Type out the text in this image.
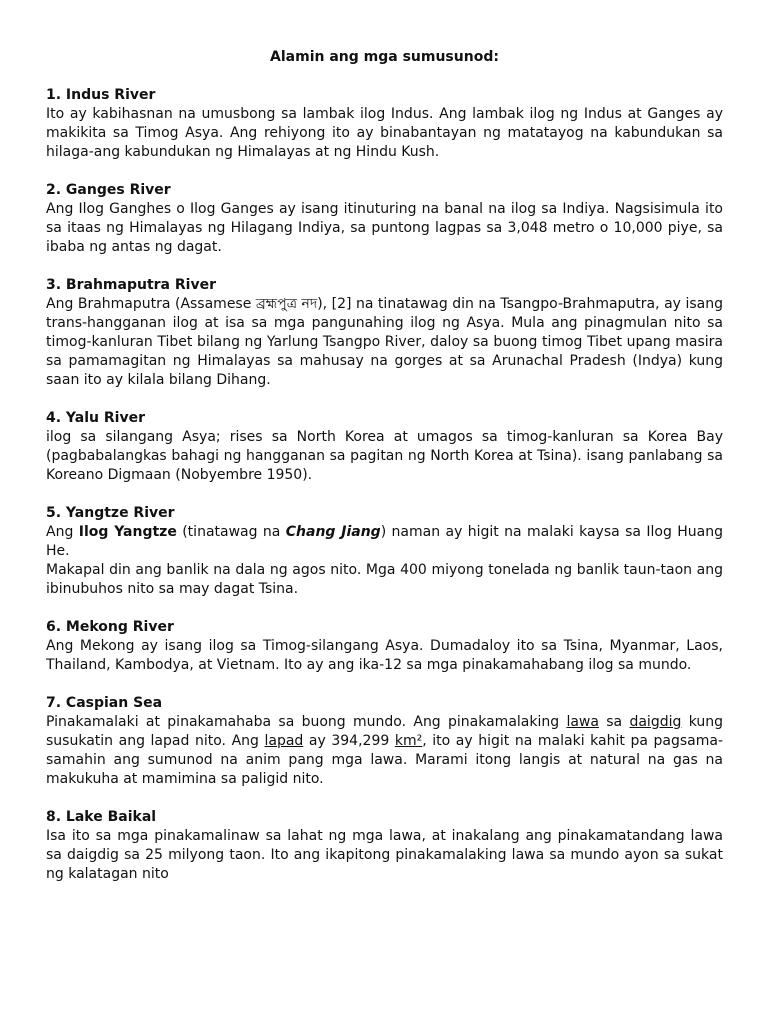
Alamin ang mga sumusunod:
1. Indus River

Ito ay kabihasnan na umusbong sa lambak ilog Indus. Ang lambak ilog ng Indus at Ganges ay makikita sa Timog Asya. Ang rehiyong ito ay binabantayan ng matatayog na kabundukan sa hilaga-ang kabundukan ng Himalayas at ng Hindu Kush.

2. Ganges River

Ang Ilog Ganghes o Ilog Ganges ay isang itinuturing na banal na ilog sa Indiya. Nagsisimula ito sa itaas ng Himalayas ng Hilagang Indiya, sa puntong lagpas sa 3,048 metro o 10,000 piye, sa ibaba ng antas ng dagat.

3. Brahmaputra River

Ang Brahmaputra (Assamese ব্ৰহ্মপুত্ৰ নদ), [2] na tinatawag din na Tsangpo-Brahmaputra, ay isang trans-hangganan ilog at isa sa mga pangunahing ilog ng Asya. Mula ang pinagmulan nito sa timog-kanluran Tibet bilang ng Yarlung Tsangpo River, daloy sa buong timog Tibet upang masira sa pamamagitan ng Himalayas sa mahusay na gorges at sa Arunachal Pradesh (Indya) kung saan ito ay kilala bilang Dihang.

4. Yalu River

ilog sa silangang Asya; rises sa North Korea at umagos sa timog-kanluran sa Korea Bay (pagbabalangkas bahagi ng hangganan sa pagitan ng North Korea at Tsina). isang panlabang sa Koreano Digmaan (Nobyembre 1950).

5. Yangtze River

Ang Ilog Yangtze (tinatawag na Chang Jiang) naman ay higit na malaki kaysa sa Ilog Huang He.

Makapal din ang banlik na dala ng agos nito. Mga 400 miyong tonelada ng banlik taun-taon ang ibinubuhos nito sa may dagat Tsina.

6. Mekong River

Ang Mekong ay isang ilog sa Timog-silangang Asya. Dumadaloy ito sa Tsina, Myanmar, Laos, Thailand, Kambodya, at Vietnam. Ito ay ang ika-12 sa mga pinakamahabang ilog sa mundo.

7. Caspian Sea

Pinakamalaki at pinakamahaba sa buong mundo. Ang pinakamalaking lawa sa daigdig kung susukatin ang lapad nito. Ang lapad ay 394,299 km², ito ay higit na malaki kahit pa pagsama-samahin ang sumunod na anim pang mga lawa. Marami itong langis at natural na gas na makukuha at mamimina sa paligid nito.

8. Lake Baikal

Isa ito sa mga pinakamalinaw sa lahat ng mga lawa, at inakalang ang pinakamatandang lawa sa daigdig sa 25 milyong taon. Ito ang ikapitong pinakamalaking lawa sa mundo ayon sa sukat ng kalatagan nito
